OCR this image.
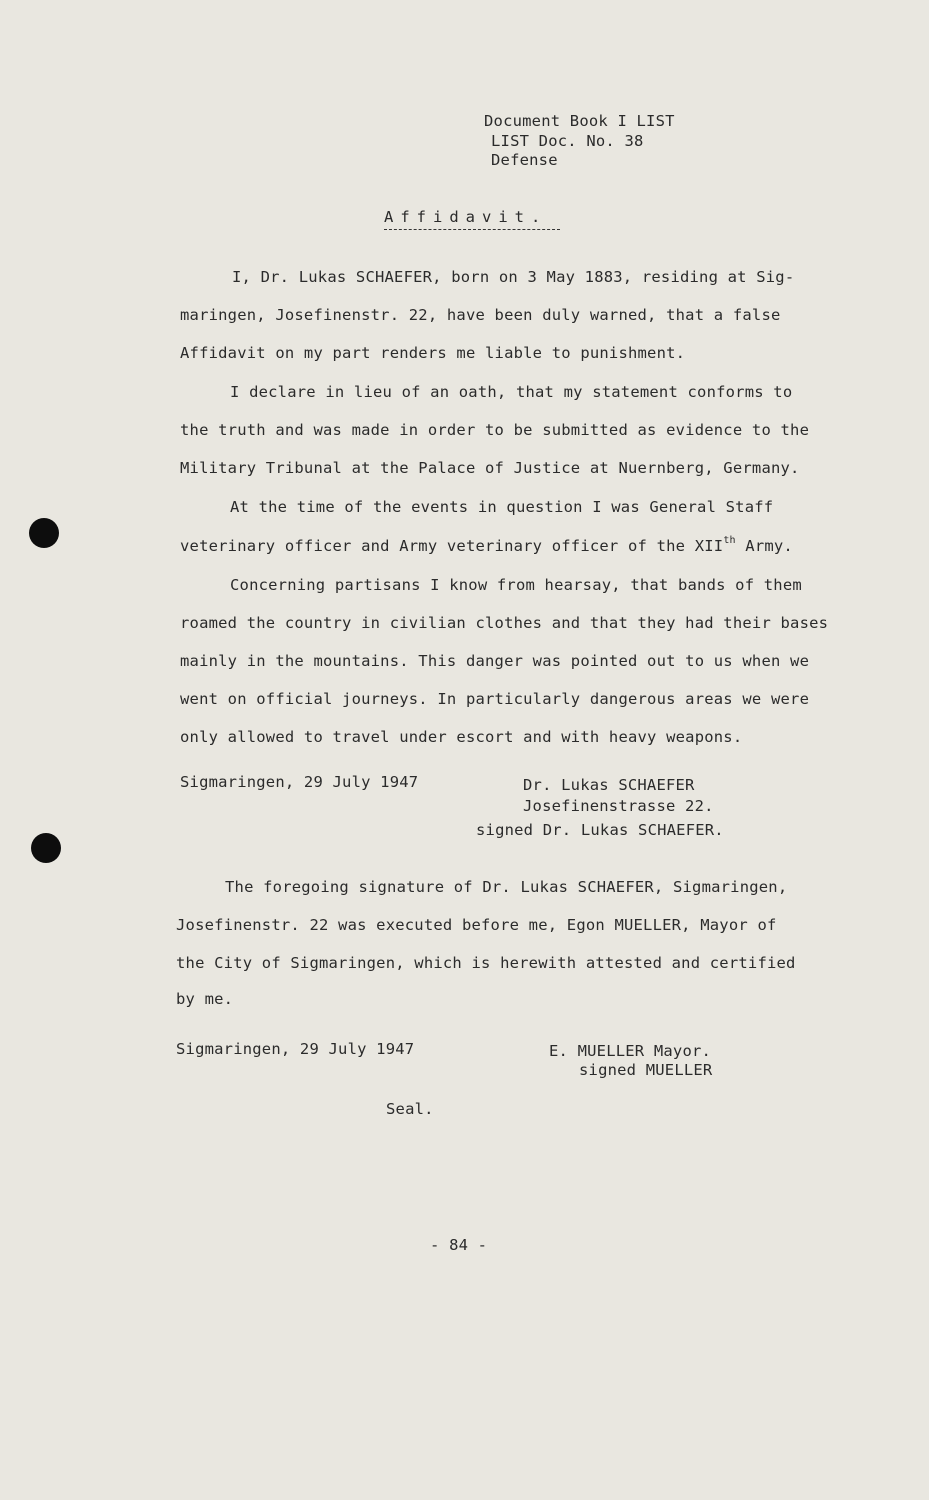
Document Book I LIST
LIST Doc. No. 38
Defense
Affidavit.
I, Dr. Lukas SCHAEFER, born on 3 May 1883, residing at Sig-
maringen, Josefinenstr. 22, have been duly warned, that a false
Affidavit on my part renders me liable to punishment.
I declare in lieu of an oath, that my statement conforms to
the truth and was made in order to be submitted as evidence to the
Military Tribunal at the Palace of Justice at Nuernberg, Germany.
At the time of the events in question I was General Staff
veterinary officer and Army veterinary officer of the XIIth Army.
Concerning partisans I know from hearsay, that bands of them
roamed the country in civilian clothes and that they had their bases
mainly in the mountains. This danger was pointed out to us when we
went on official journeys. In particularly dangerous areas we were
only allowed to travel under escort and with heavy weapons.
Sigmaringen, 29 July 1947	Dr. Lukas SCHAEFER
Josefinenstrasse 22.
signed Dr. Lukas SCHAEFER.
The foregoing signature of Dr. Lukas SCHAEFER, Sigmaringen,
Josefinenstr. 22 was executed before me, Egon MUELLER, Mayor of
the City of Sigmaringen, which is herewith attested and certified
by me.
Sigmaringen, 29 July 1947	E. MUELLER Mayor.
signed MUELLER
Seal.
- 84 -
